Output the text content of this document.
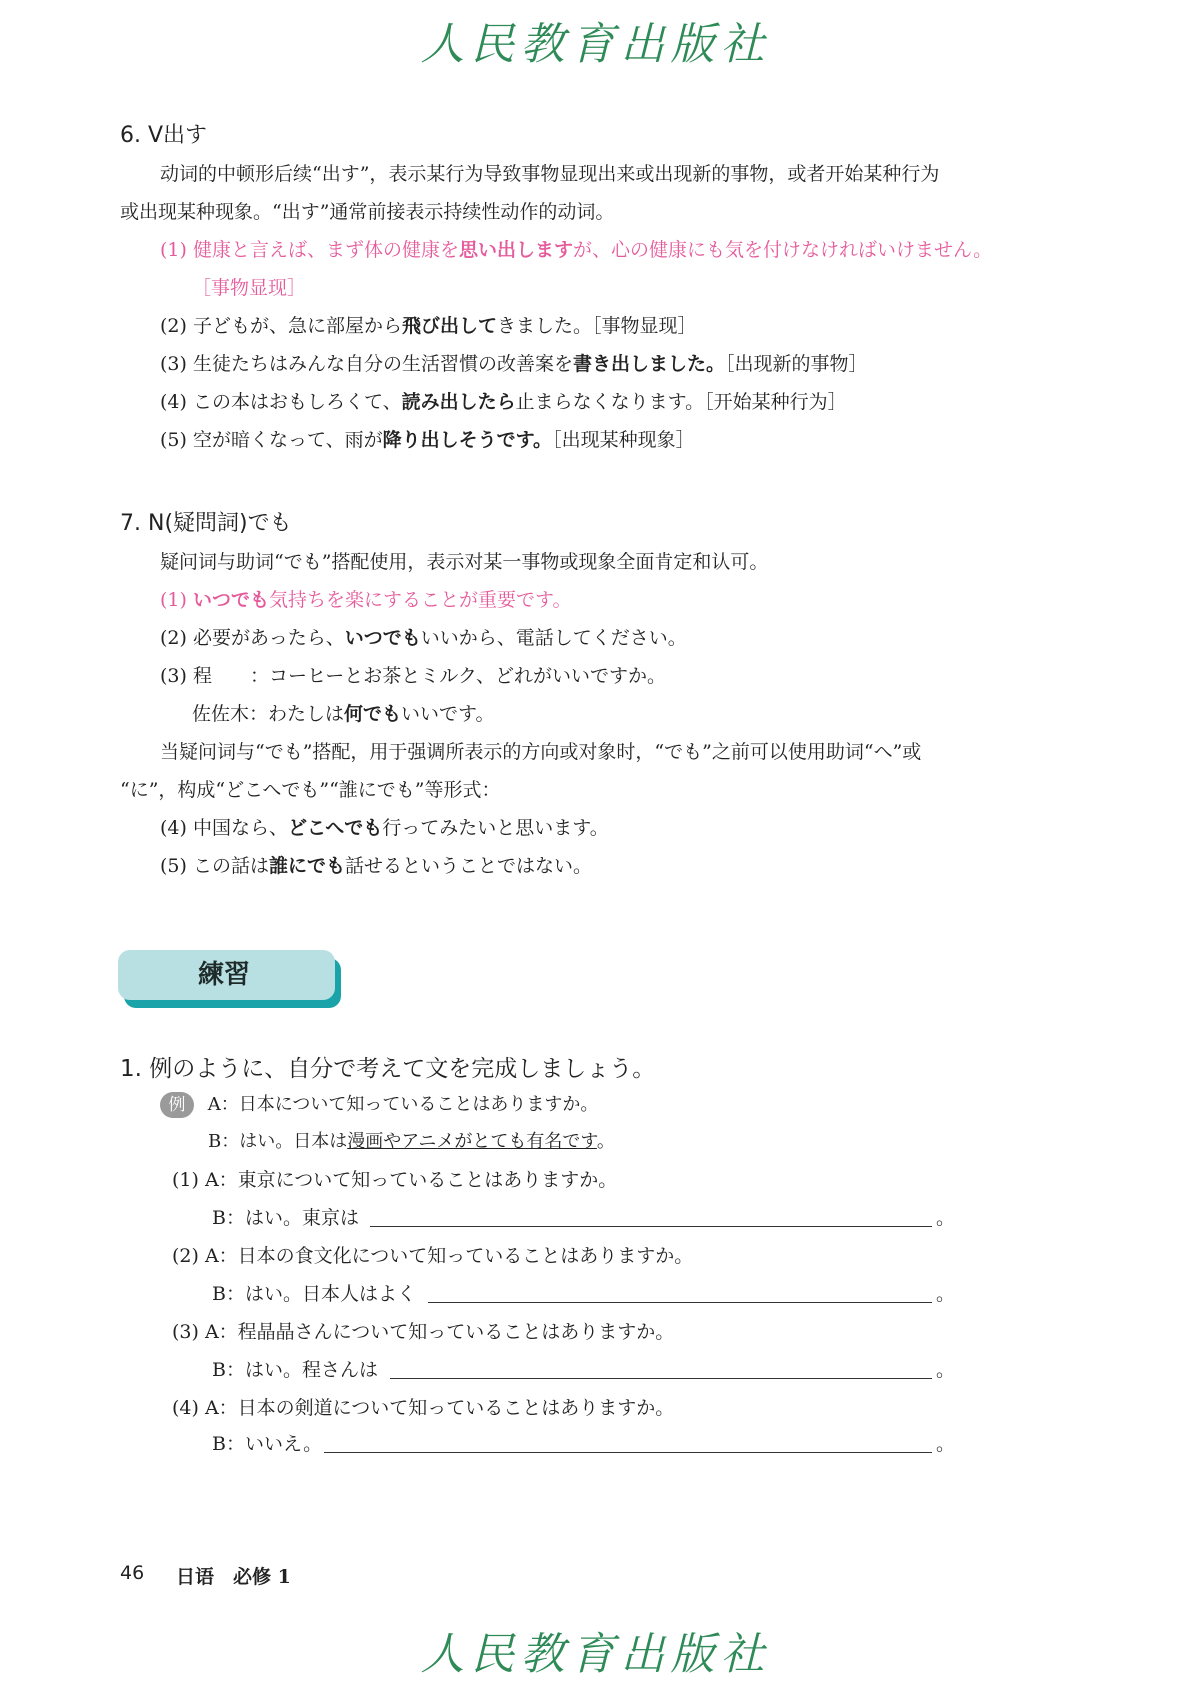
人民教育出版社
6. V出す
动词的中顿形后续“出す”，表示某行为导致事物显现出来或出现新的事物，或者开始某种行为
或出现某种现象。“出す”通常前接表示持续性动作的动词。
(1) 健康と言えば、まず体の健康を思い出しますが、心の健康にも気を付けなければいけません。
［事物显现］
(2) 子どもが、急に部屋から飛び出してきました。［事物显现］
(3) 生徒たちはみんな自分の生活習慣の改善案を書き出しました。［出现新的事物］
(4) この本はおもしろくて、読み出したら止まらなくなります。［开始某种行为］
(5) 空が暗くなって、雨が降り出しそうです。［出现某种现象］
7. N(疑問詞)でも
疑问词与助词“でも”搭配使用，表示对某一事物或现象全面肯定和认可。
(1) いつでも気持ちを楽にすることが重要です。
(2) 必要があったら、いつでもいいから、電話してください。
(3) 程　　：コーヒーとお茶とミルク、どれがいいですか。
佐佐木：わたしは何でもいいです。
当疑问词与“でも”搭配，用于强调所表示的方向或对象时，“でも”之前可以使用助词“へ”或
“に”，构成“どこへでも”“誰にでも”等形式：
(4) 中国なら、どこへでも行ってみたいと思います。
(5) この話は誰にでも話せるということではない。
練習
1. 例のように、自分で考えて文を完成しましょう。
例 A：日本について知っていることはありますか。
B：はい。日本は漫画やアニメがとても有名です。
(1) A：東京について知っていることはありますか。
B：はい。東京は	。
(2) A：日本の食文化について知っていることはありますか。
B：はい。日本人はよく	。
(3) A：程晶晶さんについて知っていることはありますか。
B：はい。程さんは	。
(4) A：日本の剣道について知っていることはありますか。
B：いいえ。	。
46 日语　必修 1
人民教育出版社
